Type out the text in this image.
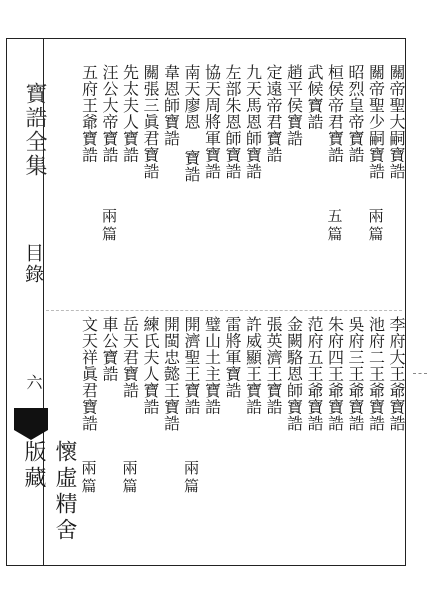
寶誥全集
目錄
六
懷虛精舍版藏
關帝聖大嗣寶誥
李府大王爺寶誥
關帝聖少嗣寶誥
兩篇
池府二王爺寶誥
昭烈皇帝寶誥
吳府三王爺寶誥
桓侯帝君寶誥
五篇
朱府四王爺寶誥
武候寶誥
范府五王爺寶誥
趙平侯寶誥
金闕駱恩師寶誥
定遠帝君寶誥
張英濟王寶誥
九天馬恩師寶誥
許威顯王寶誥
左部朱恩師寶誥
雷將軍寶誥
協天周將軍寶誥
璧山土主寶誥
南天廖恩 寶誥
開濟聖王寶誥
兩篇
韋恩師寶誥
開閩忠懿王寶誥
關張三眞君寶誥
練氏夫人寶誥
先太夫人寶誥
岳天君寶誥
兩篇
汪公大帝寶誥
兩篇
車公寶誥
五府王爺寶誥
文天祥眞君寶誥
兩篇
